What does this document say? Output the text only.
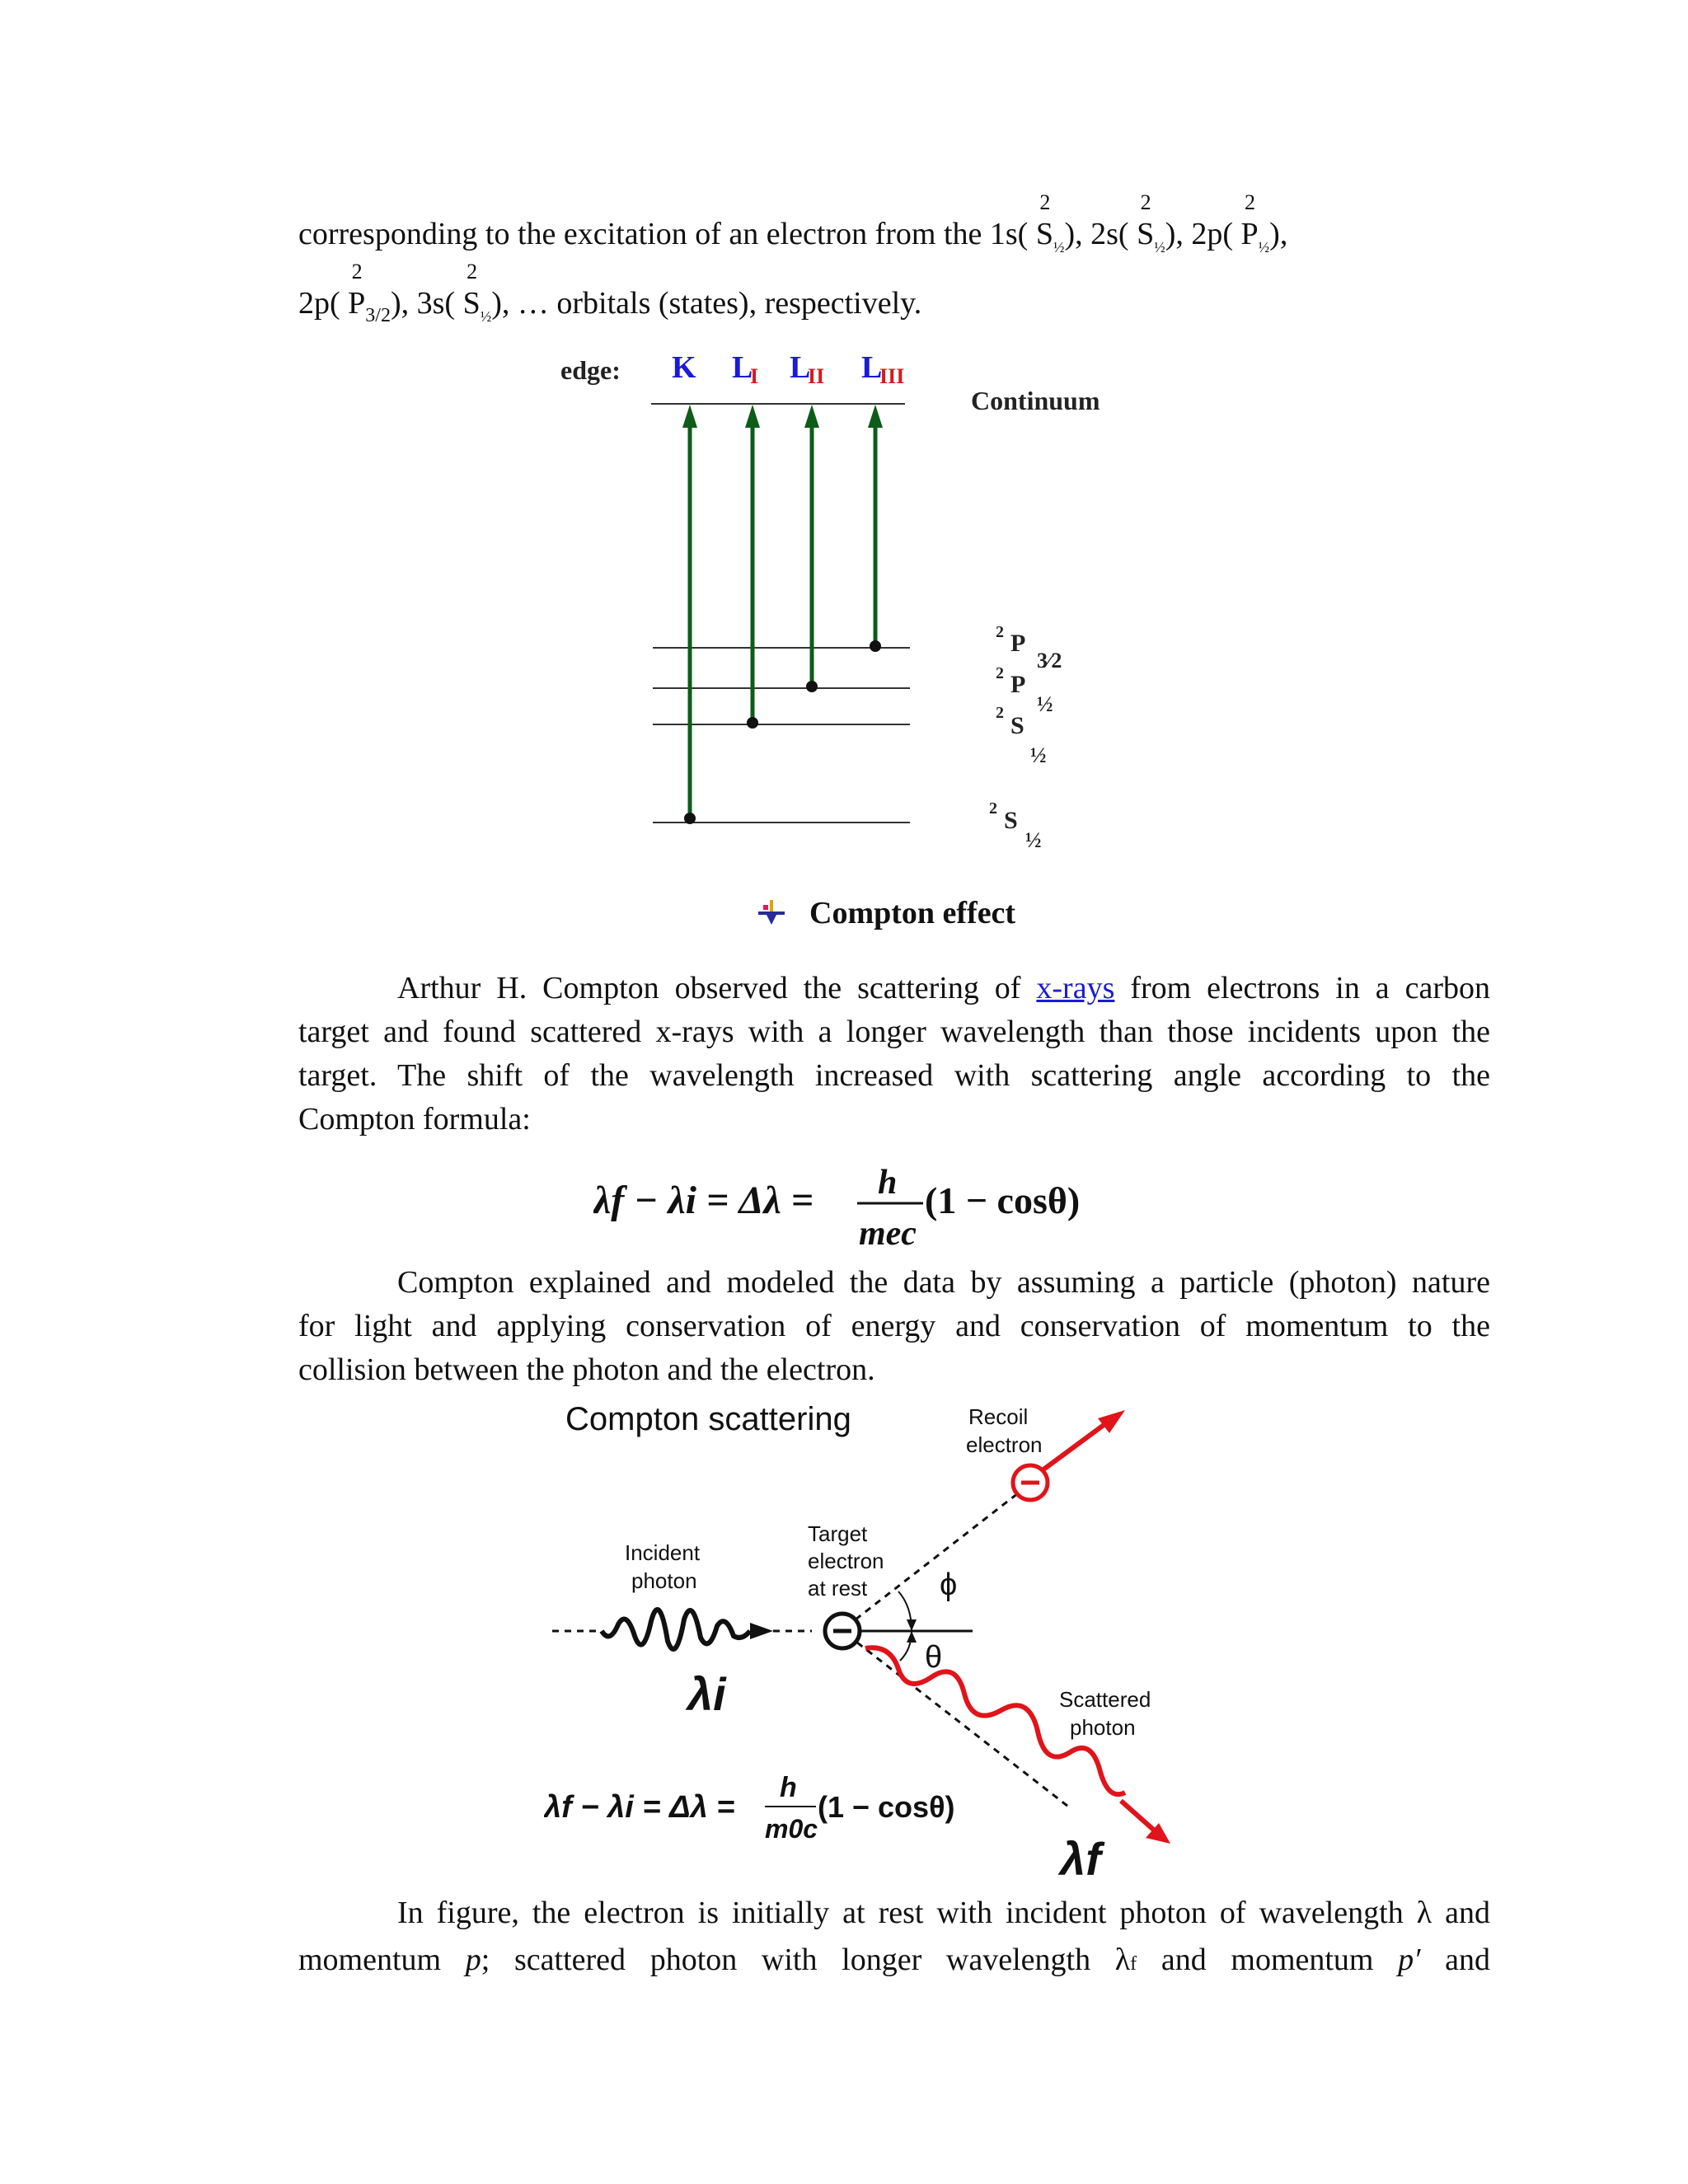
corresponding to the excitation of an electron from the 1s(
2
$S_{\frac{1}{2}}$), 2s(
2
$S_{\frac{1}{2}}$), 2p(
2
$P_{\frac{1}{2}}$),
2p(
2
$P_{3/2}$), 3s(
2
$S_{\frac{1}{2}}$), … orbitals (states), respectively.
edge: K L
I L
II L
III
Continuum
2 P
3⁄2
2 P
½
2 S
½
2 S
½
Compton effect
Arthur H. Compton observed the scattering of x-rays from electrons in a carbon
target and found scattered x-rays with a longer wavelength than those incidents upon the
target. The shift of the wavelength increased with scattering angle according to the
Compton formula:
λf − λi = Δλ = h
mec
(1 − cosθ)
Compton explained and modeled the data by assuming a particle (photon) nature
for light and applying conservation of energy and conservation of momentum to the
collision between the photon and the electron.
Compton scattering	Recoil
electron
Incident
photon
Target
electron
at rest
Scattered
photon
ϕ
θ
λi
λf
λf − λi = Δλ =
h
m0c
(1 − cosθ)
In figure, the electron is initially at rest with incident photon of wavelength λ and
momentum p; scattered photon with longer wavelength λf and momentum p′ and
